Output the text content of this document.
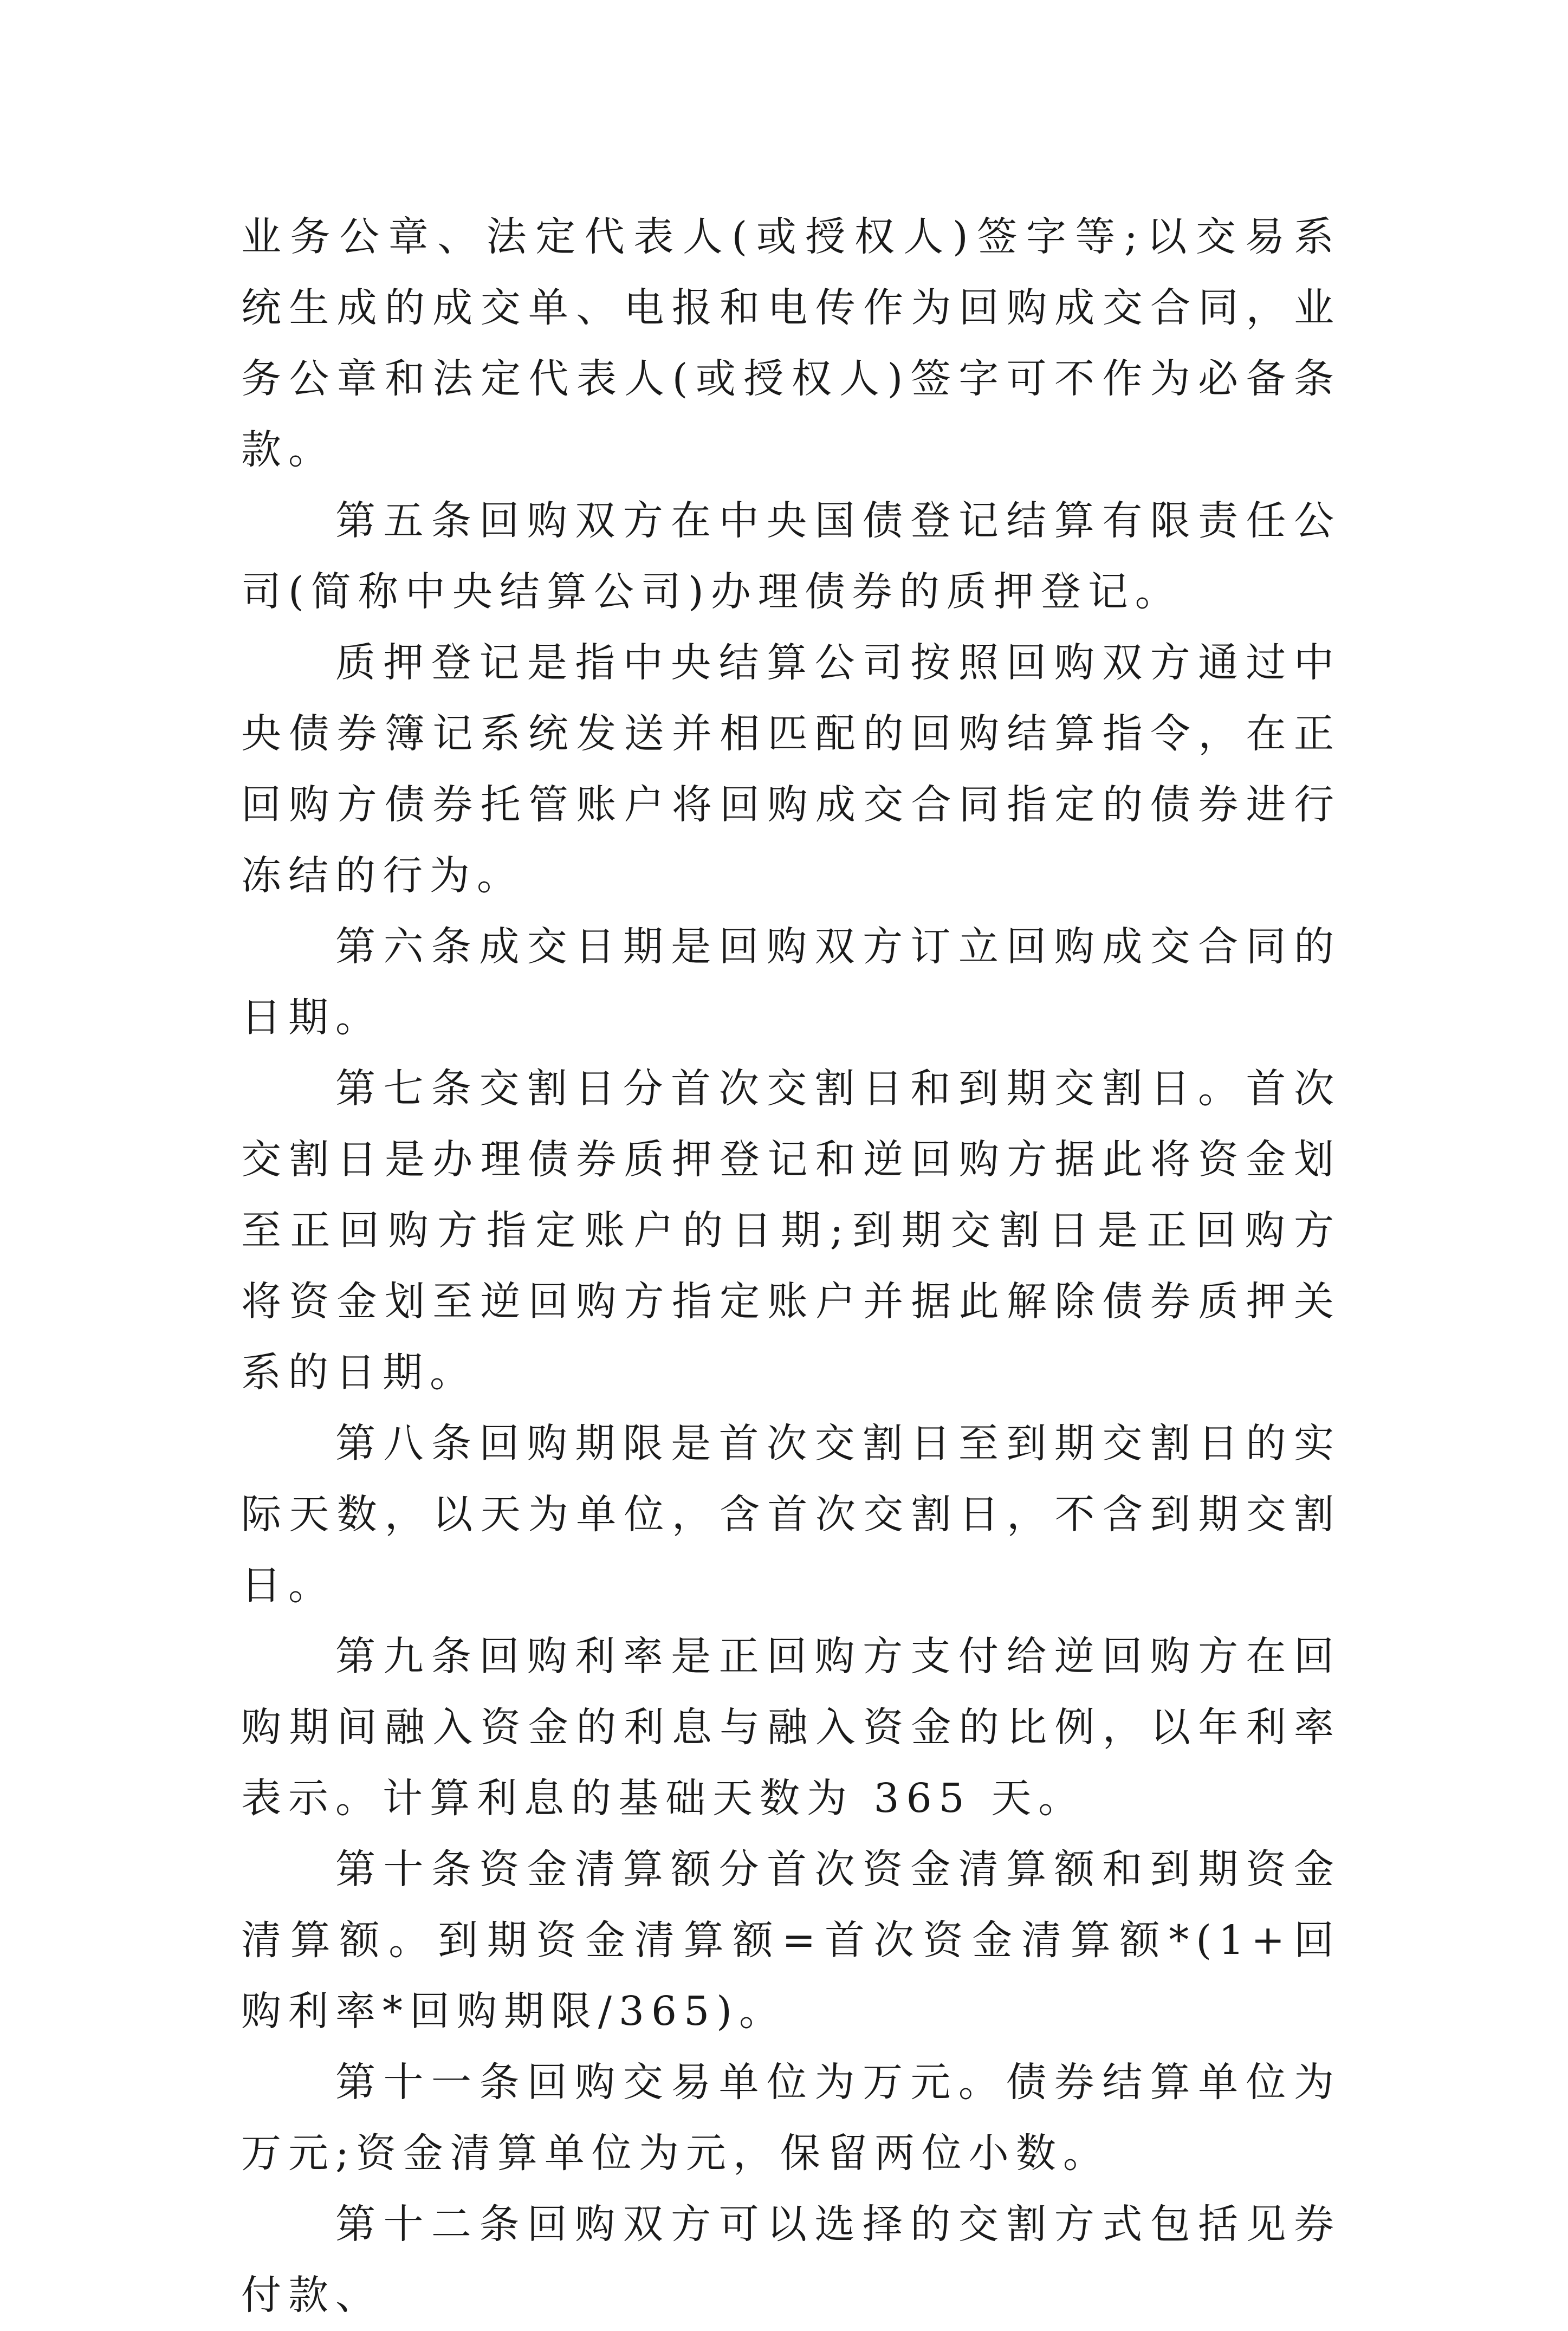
业务公章、法定代表人(或授权人)签字等;以交易系统生成的成交单、电报和电传作为回购成交合同，业务公章和法定代表人(或授权人)签字可不作为必备条款。

第五条回购双方在中央国债登记结算有限责任公司(简称中央结算公司)办理债券的质押登记。

质押登记是指中央结算公司按照回购双方通过中央债券簿记系统发送并相匹配的回购结算指令，在正回购方债券托管账户将回购成交合同指定的债券进行冻结的行为。

第六条成交日期是回购双方订立回购成交合同的日期。

第七条交割日分首次交割日和到期交割日。首次交割日是办理债券质押登记和逆回购方据此将资金划至正回购方指定账户的日期;到期交割日是正回购方将资金划至逆回购方指定账户并据此解除债券质押关系的日期。

第八条回购期限是首次交割日至到期交割日的实际天数，以天为单位，含首次交割日，不含到期交割日。

第九条回购利率是正回购方支付给逆回购方在回购期间融入资金的利息与融入资金的比例，以年利率表示。计算利息的基础天数为 365 天。

第十条资金清算额分首次资金清算额和到期资金清算额。到期资金清算额=首次资金清算额*(1+回购利率*回购期限/365)。

第十一条回购交易单位为万元。债券结算单位为万元;资金清算单位为元，保留两位小数。

第十二条回购双方可以选择的交割方式包括见券付款、
